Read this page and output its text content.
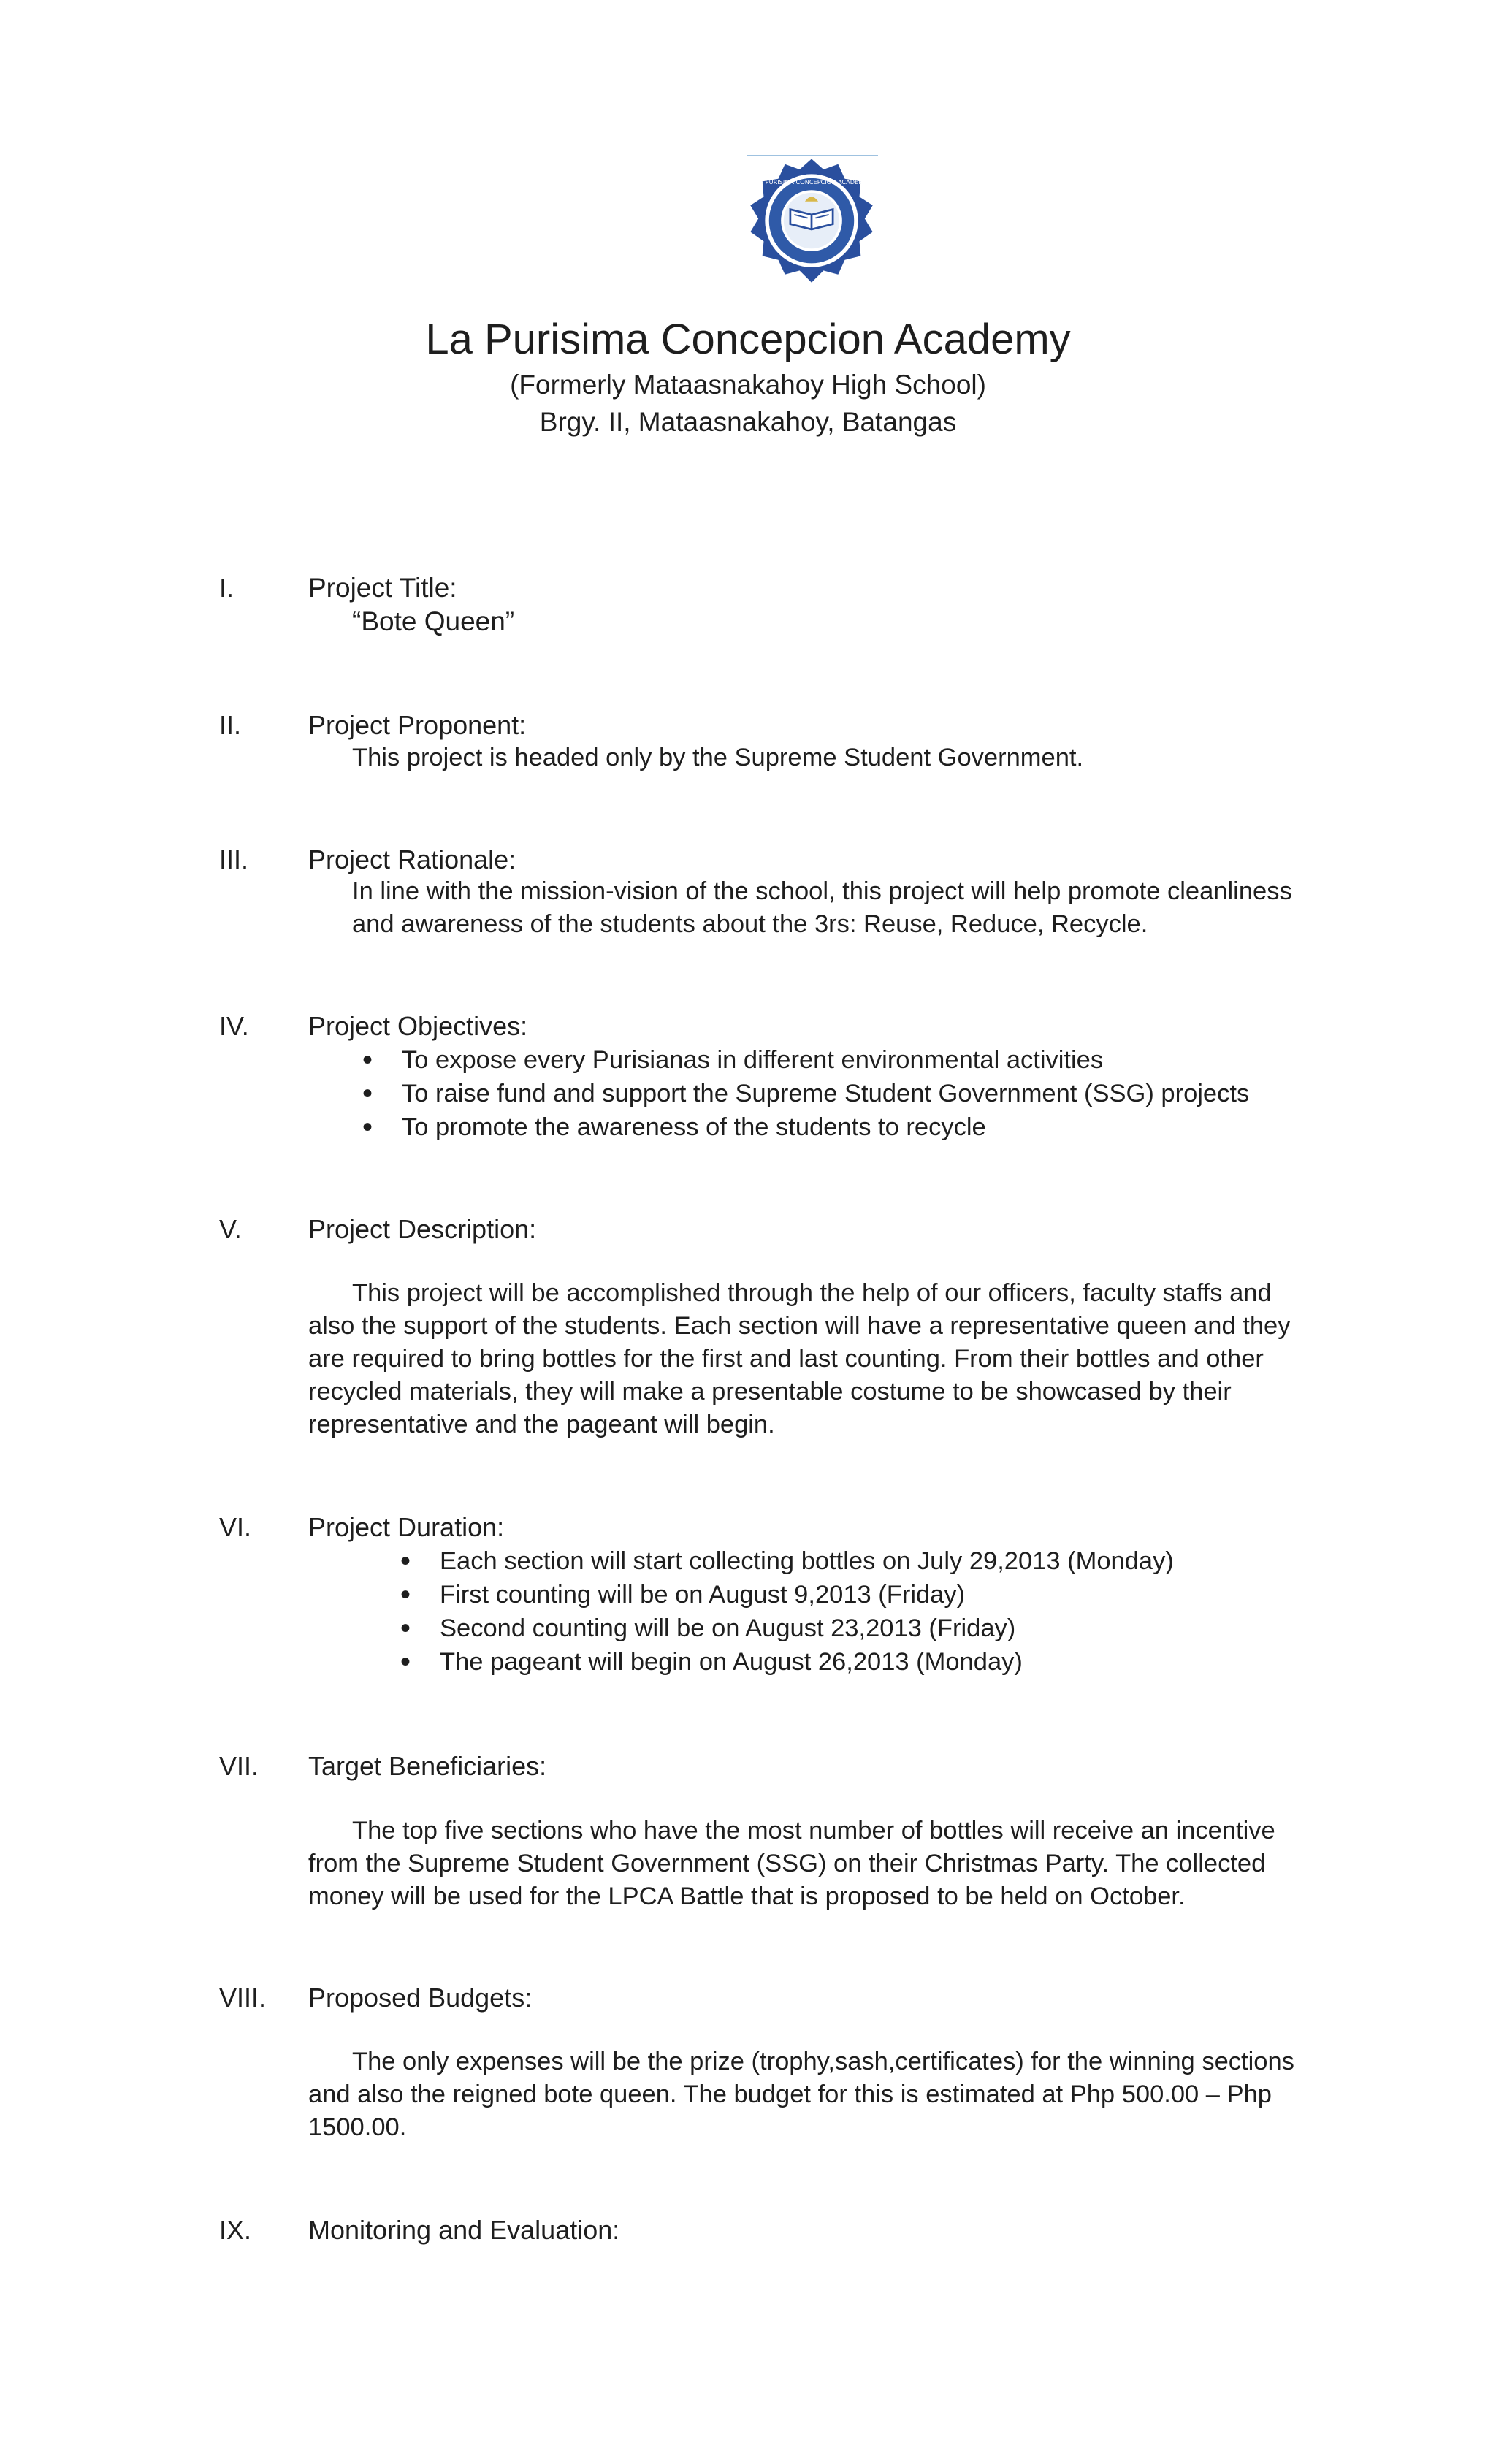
LA PURISIMA CONCEPCION ACADEMY
La Purisima Concepcion Academy
(Formerly Mataasnakahoy High School)
Brgy. II, Mataasnakahoy, Batangas
I.	Project Title:
“Bote Queen”
II.	Project Proponent:
This project is headed only by the Supreme Student Government.
III. Project Rationale:
In line with the mission-vision of the school, this project will help promote cleanliness
and awareness of the students about the 3rs: Reuse, Reduce, Recycle.
IV. Project Objectives:
• To expose every Purisianas in different environmental activities
• To raise fund and support the Supreme Student Government (SSG) projects
• To promote the awareness of the students to recycle
V.	Project Description:

This project will be accomplished through the help of our officers, faculty staffs and also the support of the students. Each section will have a representative queen and they are required to bring bottles for the first and last counting. From their bottles and other recycled materials, they will make a presentable costume to be showcased by their representative and the pageant will begin.

VI. Project Duration:
• Each section will start collecting bottles on July 29,2013 (Monday)
• First counting will be on August 9,2013 (Friday)
• Second counting will be on August 23,2013 (Friday)
• The pageant will begin on August 26,2013 (Monday)
VII. Target Beneficiaries:

The top five sections who have the most number of bottles will receive an incentive from the Supreme Student Government (SSG) on their Christmas Party. The collected money will be used for the LPCA Battle that is proposed to be held on October.

VIII. Proposed Budgets:

The only expenses will be the prize (trophy,sash,certificates) for the winning sections and also the reigned bote queen. The budget for this is estimated at Php 500.00 – Php 1500.00.

IX. Monitoring and Evaluation:
